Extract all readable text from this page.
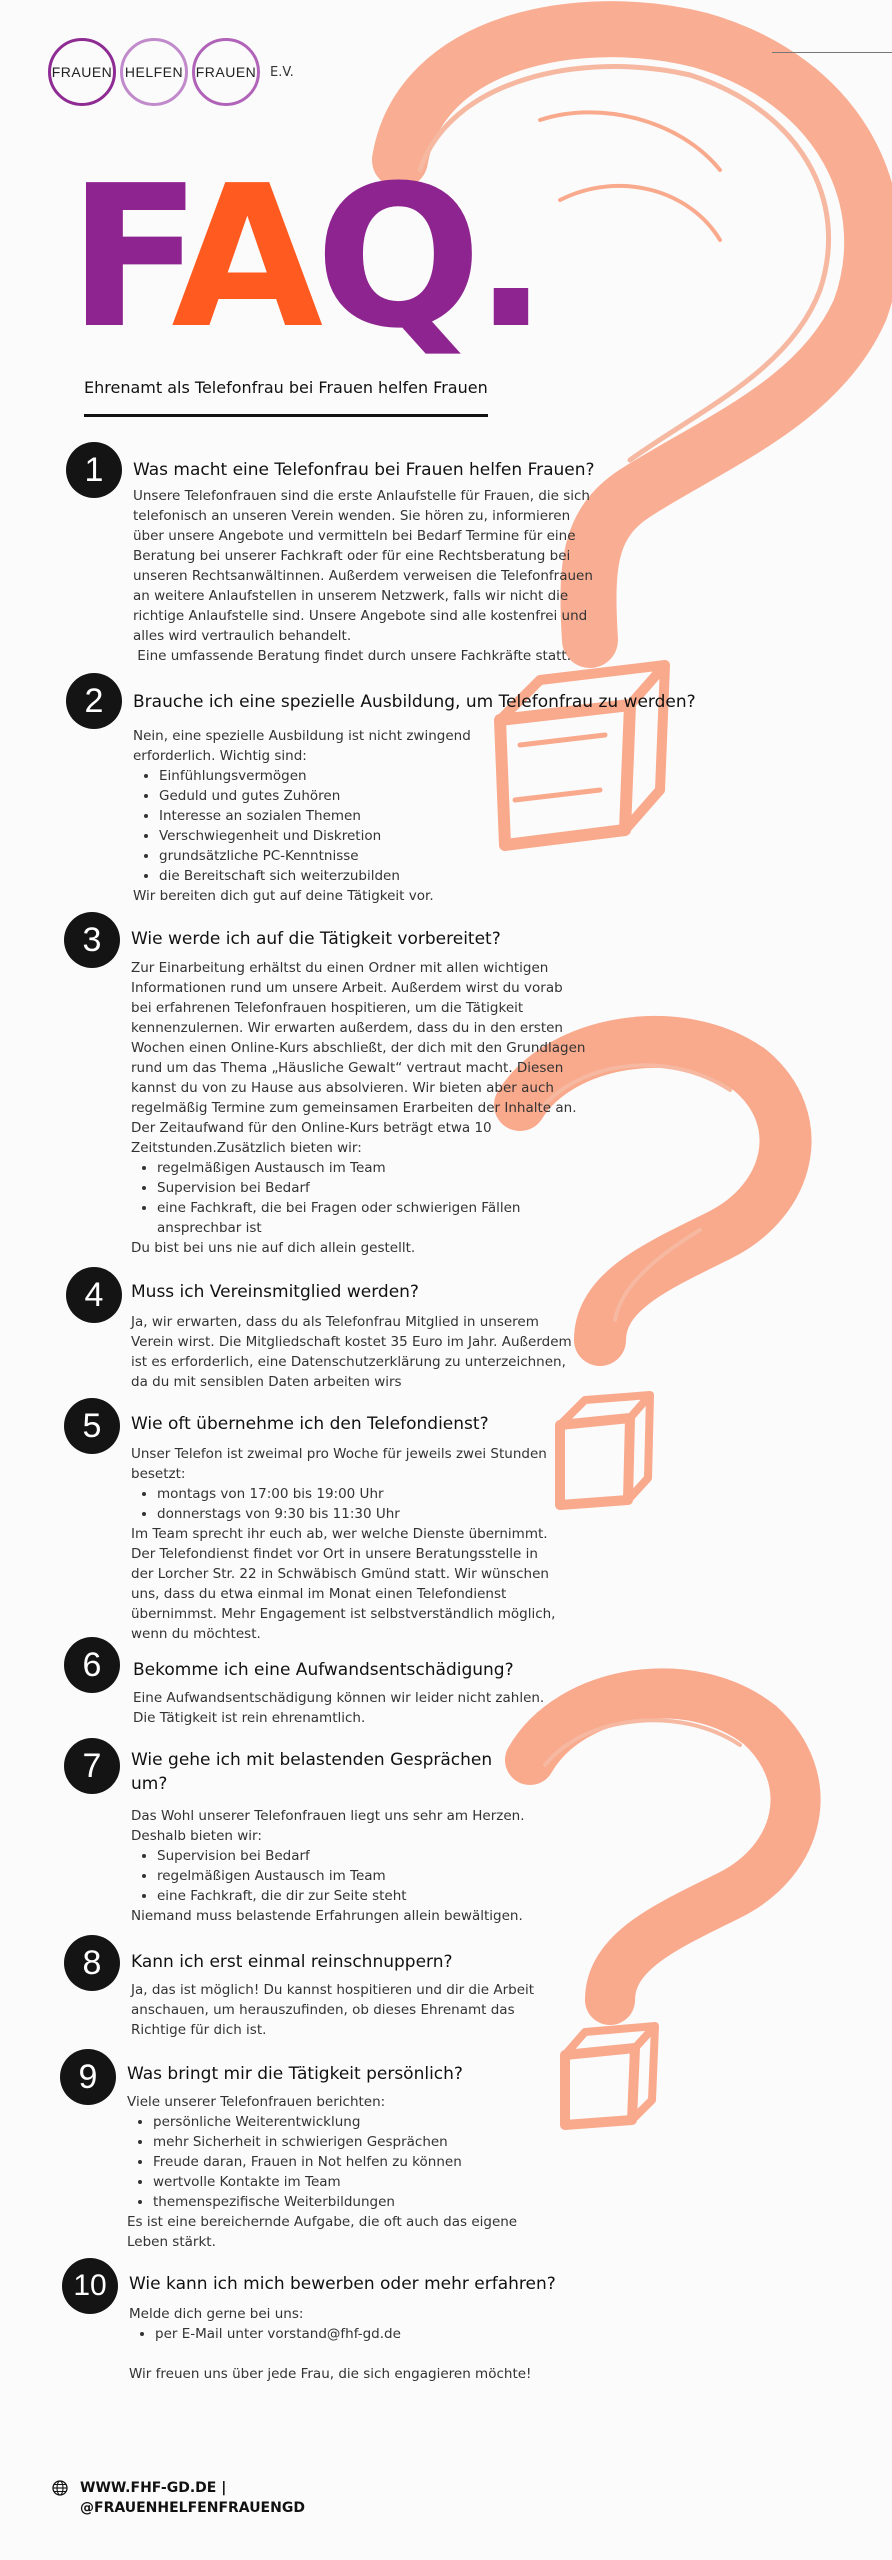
FRAUEN HELFEN FRAUEN E.V.
FAQ.
Ehrenamt als Telefonfrau bei Frauen helfen Frauen
1	Was macht eine Telefonfrau bei Frauen helfen Frauen?

Unsere Telefonfrauen sind die erste Anlaufstelle für Frauen, die sich telefonisch an unseren Verein wenden. Sie hören zu, informieren über unsere Angebote und vermitteln bei Bedarf Termine für eine Beratung bei unserer Fachkraft oder für eine Rechtsberatung bei unseren Rechtsanwältinnen. Außerdem verweisen die Telefonfrauen an weitere Anlaufstellen in unserem Netzwerk, falls wir nicht die richtige Anlaufstelle sind. Unsere Angebote sind alle kostenfrei und alles wird vertraulich behandelt.

Eine umfassende Beratung findet durch unsere Fachkräfte statt.

2	Brauche ich eine spezielle Ausbildung, um Telefonfrau zu werden?

Nein, eine spezielle Ausbildung ist nicht zwingend erforderlich. Wichtig sind:

• Einfühlungsvermögen
• Geduld und gutes Zuhören
• Interesse an sozialen Themen
• Verschwiegenheit und Diskretion
• grundsätzliche PC-Kenntnisse
• die Bereitschaft sich weiterzubilden

Wir bereiten dich gut auf deine Tätigkeit vor.

3	Wie werde ich auf die Tätigkeit vorbereitet?

Zur Einarbeitung erhältst du einen Ordner mit allen wichtigen Informationen rund um unsere Arbeit. Außerdem wirst du vorab bei erfahrenen Telefonfrauen hospitieren, um die Tätigkeit kennenzulernen. Wir erwarten außerdem, dass du in den ersten Wochen einen Online-Kurs abschließt, der dich mit den Grundlagen rund um das Thema „Häusliche Gewalt“ vertraut macht. Diesen kannst du von zu Hause aus absolvieren. Wir bieten aber auch regelmäßig Termine zum gemeinsamen Erarbeiten der Inhalte an. Der Zeitaufwand für den Online-Kurs beträgt etwa 10 Zeitstunden.Zusätzlich bieten wir:

• regelmäßigen Austausch im Team
• Supervision bei Bedarf
• eine Fachkraft, die bei Fragen oder schwierigen Fällen ansprechbar ist

Du bist bei uns nie auf dich allein gestellt.

4	Muss ich Vereinsmitglied werden?

Ja, wir erwarten, dass du als Telefonfrau Mitglied in unserem Verein wirst. Die Mitgliedschaft kostet 35 Euro im Jahr. Außerdem ist es erforderlich, eine Datenschutzerklärung zu unterzeichnen, da du mit sensiblen Daten arbeiten wirs

5	Wie oft übernehme ich den Telefondienst?

Unser Telefon ist zweimal pro Woche für jeweils zwei Stunden besetzt:

• montags von 17:00 bis 19:00 Uhr
• donnerstags von 9:30 bis 11:30 Uhr

Im Team sprecht ihr euch ab, wer welche Dienste übernimmt. Der Telefondienst findet vor Ort in unsere Beratungsstelle in der Lorcher Str. 22 in Schwäbisch Gmünd statt. Wir wünschen uns, dass du etwa einmal im Monat einen Telefondienst übernimmst. Mehr Engagement ist selbstverständlich möglich, wenn du möchtest.

6	Bekomme ich eine Aufwandsentschädigung?

Eine Aufwandsentschädigung können wir leider nicht zahlen. Die Tätigkeit ist rein ehrenamtlich.

7	Wie gehe ich mit belastenden Gesprächen um?

Das Wohl unserer Telefonfrauen liegt uns sehr am Herzen. Deshalb bieten wir:

• Supervision bei Bedarf
• regelmäßigen Austausch im Team
• eine Fachkraft, die dir zur Seite steht

Niemand muss belastende Erfahrungen allein bewältigen.

8	Kann ich erst einmal reinschnuppern?

Ja, das ist möglich! Du kannst hospitieren und dir die Arbeit anschauen, um herauszufinden, ob dieses Ehrenamt das Richtige für dich ist.

9	Was bringt mir die Tätigkeit persönlich?

Viele unserer Telefonfrauen berichten:

• persönliche Weiterentwicklung
• mehr Sicherheit in schwierigen Gesprächen
• Freude daran, Frauen in Not helfen zu können
• wertvolle Kontakte im Team
• themenspezifische Weiterbildungen

Es ist eine bereichernde Aufgabe, die oft auch das eigene Leben stärkt.

10	Wie kann ich mich bewerben oder mehr erfahren?

Melde dich gerne bei uns:

• per E-Mail unter vorstand@fhf-gd.de

Wir freuen uns über jede Frau, die sich engagieren möchte!

WWW.FHF-GD.DE |
@FRAUENHELFENFRAUENGD
